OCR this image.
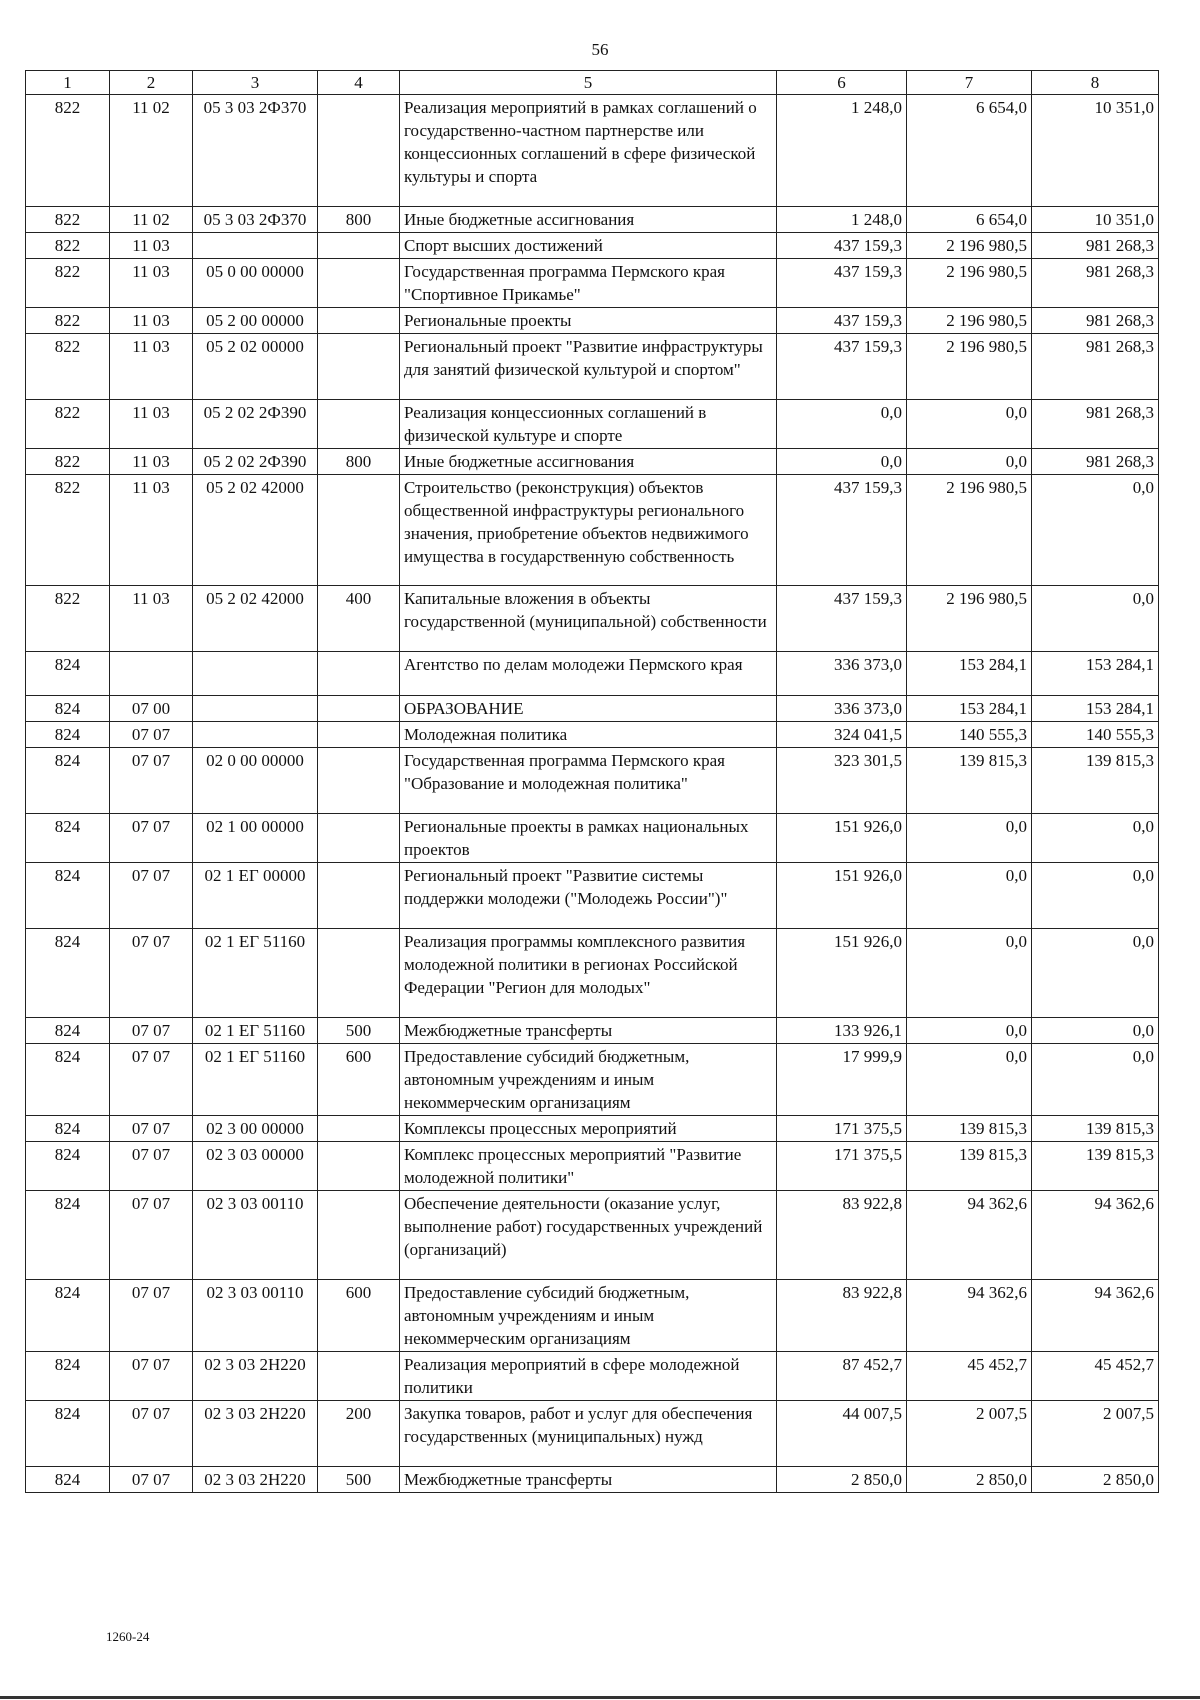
56
1	2	3	4	5	6	7	8
822	11 02	05 3 03 2Ф370		Реализация мероприятий в рамках соглашений о государственно-частном партнерстве или концессионных соглашений в сфере физической культуры и спорта	1 248,0	6 654,0	10 351,0
822	11 02	05 3 03 2Ф370	800	Иные бюджетные ассигнования	1 248,0	6 654,0	10 351,0
822	11 03			Спорт высших достижений	437 159,3	2 196 980,5	981 268,3
822	11 03	05 0 00 00000		Государственная программа Пермского края "Спортивное Прикамье"	437 159,3	2 196 980,5	981 268,3
822	11 03	05 2 00 00000		Региональные проекты	437 159,3	2 196 980,5	981 268,3
822	11 03	05 2 02 00000		Региональный проект "Развитие инфраструктуры для занятий физической культурой и спортом"	437 159,3	2 196 980,5	981 268,3
822	11 03	05 2 02 2Ф390		Реализация концессионных соглашений в физической культуре и спорте	0,0	0,0	981 268,3
822	11 03	05 2 02 2Ф390	800	Иные бюджетные ассигнования	0,0	0,0	981 268,3
822	11 03	05 2 02 42000		Строительство (реконструкция) объектов общественной инфраструктуры регионального значения, приобретение объектов недвижимого имущества в государственную собственность	437 159,3	2 196 980,5	0,0
822	11 03	05 2 02 42000	400	Капитальные вложения в объекты государственной (муниципальной) собственности	437 159,3	2 196 980,5	0,0
824				Агентство по делам молодежи Пермского края	336 373,0	153 284,1	153 284,1
824	07 00			ОБРАЗОВАНИЕ	336 373,0	153 284,1	153 284,1
824	07 07			Молодежная политика	324 041,5	140 555,3	140 555,3
824	07 07	02 0 00 00000		Государственная программа Пермского края "Образование и молодежная политика"	323 301,5	139 815,3	139 815,3
824	07 07	02 1 00 00000		Региональные проекты в рамках национальных проектов	151 926,0	0,0	0,0
824	07 07	02 1 ЕГ 00000		Региональный проект "Развитие системы поддержки молодежи ("Молодежь России")"	151 926,0	0,0	0,0
824	07 07	02 1 ЕГ 51160		Реализация программы комплексного развития молодежной политики в регионах Российской Федерации "Регион для молодых"	151 926,0	0,0	0,0
824	07 07	02 1 ЕГ 51160	500	Межбюджетные трансферты	133 926,1	0,0	0,0
824	07 07	02 1 ЕГ 51160	600	Предоставление субсидий бюджетным, автономным учреждениям и иным некоммерческим организациям	17 999,9	0,0	0,0
824	07 07	02 3 00 00000		Комплексы процессных мероприятий	171 375,5	139 815,3	139 815,3
824	07 07	02 3 03 00000		Комплекс процессных мероприятий "Развитие молодежной политики"	171 375,5	139 815,3	139 815,3
824	07 07	02 3 03 00110		Обеспечение деятельности (оказание услуг, выполнение работ) государственных учреждений (организаций)	83 922,8	94 362,6	94 362,6
824	07 07	02 3 03 00110	600	Предоставление субсидий бюджетным, автономным учреждениям и иным некоммерческим организациям	83 922,8	94 362,6	94 362,6
824	07 07	02 3 03 2Н220		Реализация мероприятий в сфере молодежной политики	87 452,7	45 452,7	45 452,7
824	07 07	02 3 03 2Н220	200	Закупка товаров, работ и услуг для обеспечения государственных (муниципальных) нужд	44 007,5	2 007,5	2 007,5
824	07 07	02 3 03 2Н220	500	Межбюджетные трансферты	2 850,0	2 850,0	2 850,0
1260-24
